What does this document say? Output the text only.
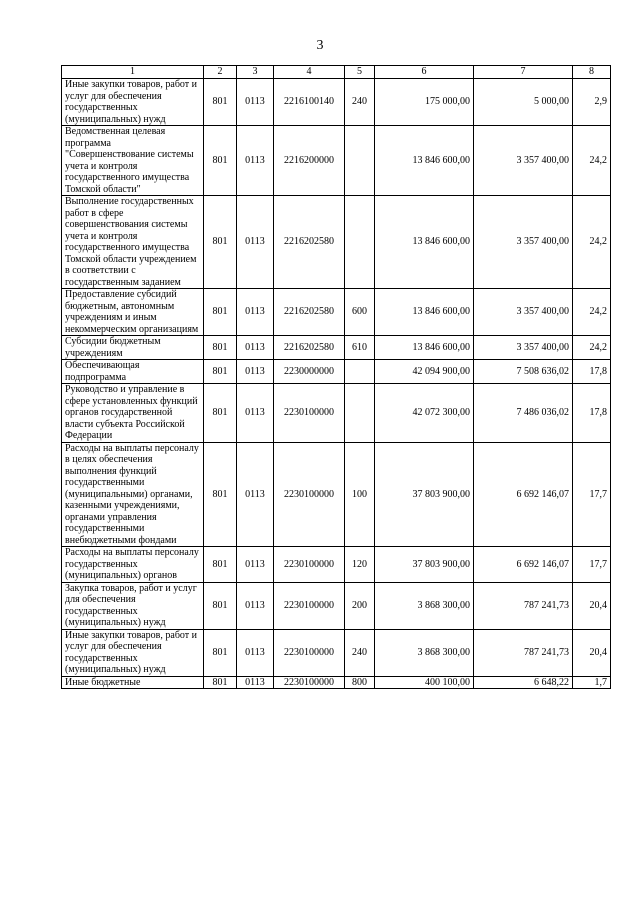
3
1	2	3	4	5	6	7	8
Иные закупки товаров, работ и услуг для обеспечения государственных (муниципальных) нужд	801	0113	2216100140	240	175 000,00	5 000,00	2,9
Ведомственная целевая программа "Совершенствование системы учета и контроля государственного имущества Томской области"	801	0113	2216200000		13 846 600,00	3 357 400,00	24,2
Выполнение государственных работ в сфере совершенствования системы учета и контроля государственного имущества Томской области учреждением в соответствии с государственным заданием	801	0113	2216202580		13 846 600,00	3 357 400,00	24,2
Предоставление субсидий бюджетным, автономным учреждениям и иным некоммерческим организациям	801	0113	2216202580	600	13 846 600,00	3 357 400,00	24,2
Субсидии бюджетным учреждениям	801	0113	2216202580	610	13 846 600,00	3 357 400,00	24,2
Обеспечивающая подпрограмма	801	0113	2230000000		42 094 900,00	7 508 636,02	17,8
Руководство и управление в сфере установленных функций органов государственной власти субъекта Российской Федерации	801	0113	2230100000		42 072 300,00	7 486 036,02	17,8
Расходы на выплаты персоналу в целях обеспечения выполнения функций государственными (муниципальными) органами, казенными учреждениями, органами управления государственными внебюджетными фондами	801	0113	2230100000	100	37 803 900,00	6 692 146,07	17,7
Расходы на выплаты персоналу государственных (муниципальных) органов	801	0113	2230100000	120	37 803 900,00	6 692 146,07	17,7
Закупка товаров, работ и услуг для обеспечения государственных (муниципальных) нужд	801	0113	2230100000	200	3 868 300,00	787 241,73	20,4
Иные закупки товаров, работ и услуг для обеспечения государственных (муниципальных) нужд	801	0113	2230100000	240	3 868 300,00	787 241,73	20,4
Иные бюджетные	801	0113	2230100000	800	400 100,00	6 648,22	1,7
